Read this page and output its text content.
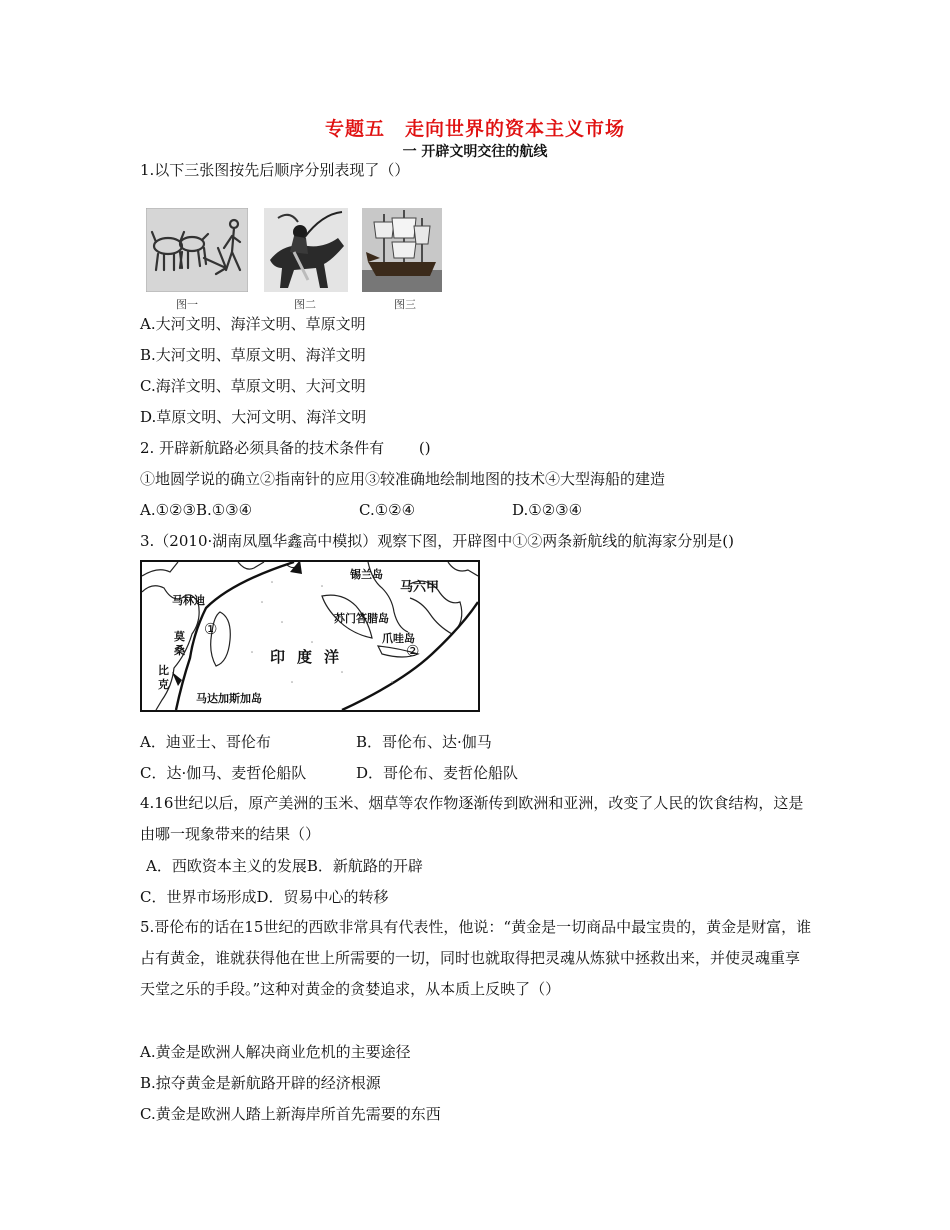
专题五　走向世界的资本主义市场
一 开辟文明交往的航线
1.以下三张图按先后顺序分别表现了（）
图一	图二	图三
A.大河文明、海洋文明、草原文明
B.大河文明、草原文明、海洋文明
C.海洋文明、草原文明、大河文明
D.草原文明、大河文明、海洋文明
2. 开辟新航路必须具备的技术条件有　　 ()
①地圆学说的确立②指南针的应用③较准确地绘制地图的技术④大型海船的建造
A.①②③B.①③④	C.①②④	D.①②③④
3.（2010·湖南凤凰华鑫高中模拟）观察下图，开辟图中①②两条新航线的航海家分别是()
锡兰岛
马六甲
马林迪
苏门答腊岛
爪哇岛
莫
桑
比
克
马达加斯加岛
印度洋
①
②
A．迪亚士、哥伦布	B．哥伦布、达·伽马
C．达·伽马、麦哲伦船队	D．哥伦布、麦哲伦船队
4.16世纪以后，原产美洲的玉米、烟草等农作物逐渐传到欧洲和亚洲，改变了人民的饮食结构，这是由哪一现象带来的结果（）
A．西欧资本主义的发展B．新航路的开辟
C．世界市场形成D．贸易中心的转移
5.哥伦布的话在15世纪的西欧非常具有代表性，他说：“黄金是一切商品中最宝贵的，黄金是财富，谁占有黄金，谁就获得他在世上所需要的一切，同时也就取得把灵魂从炼狱中拯救出来，并使灵魂重享天堂之乐的手段。”这种对黄金的贪婪追求，从本质上反映了（）
A.黄金是欧洲人解决商业危机的主要途径
B.掠夺黄金是新航路开辟的经济根源
C.黄金是欧洲人踏上新海岸所首先需要的东西
